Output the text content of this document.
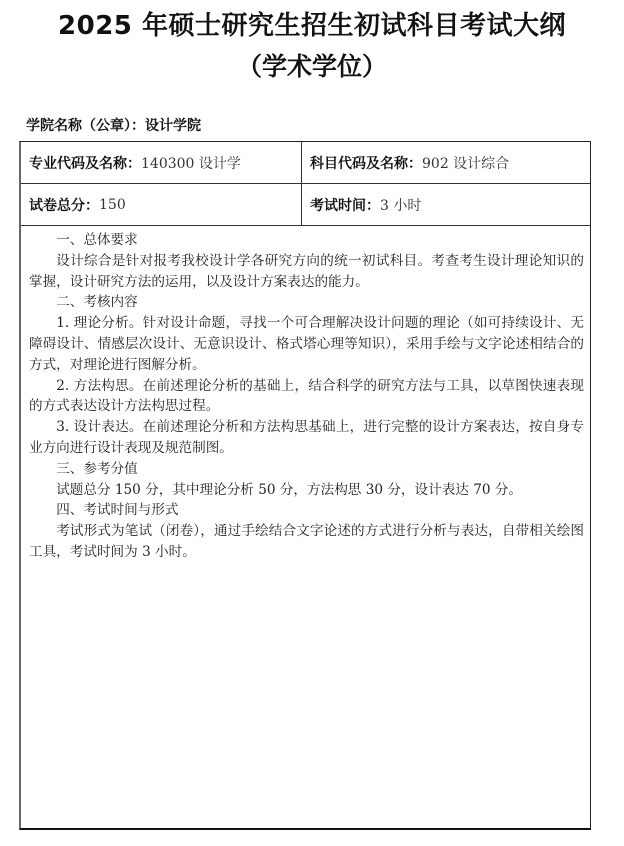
2025 年硕士研究生招生初试科目考试大纲
（学术学位）
学院名称（公章）：设计学院
专业代码及名称： 140300 设计学	科目代码及名称： 902 设计综合
试卷总分： 150	考试时间： 3 小时

一、总体要求

设计综合是针对报考我校设计学各研究方向的统一初试科目。考查考生设计理论知识的掌握，设计研究方法的运用，以及设计方案表达的能力。

二、考核内容

1. 理论分析。针对设计命题，寻找一个可合理解决设计问题的理论（如可持续设计、无障碍设计、情感层次设计、无意识设计、格式塔心理等知识），采用手绘与文字论述相结合的方式，对理论进行图解分析。

2. 方法构思。在前述理论分析的基础上，结合科学的研究方法与工具，以草图快速表现的方式表达设计方法构思过程。

3. 设计表达。在前述理论分析和方法构思基础上，进行完整的设计方案表达，按自身专业方向进行设计表现及规范制图。

三、参考分值

试题总分 150 分，其中理论分析 50 分，方法构思 30 分，设计表达 70 分。

四、考试时间与形式

考试形式为笔试（闭卷），通过手绘结合文字论述的方式进行分析与表达，自带相关绘图工具，考试时间为 3 小时。
